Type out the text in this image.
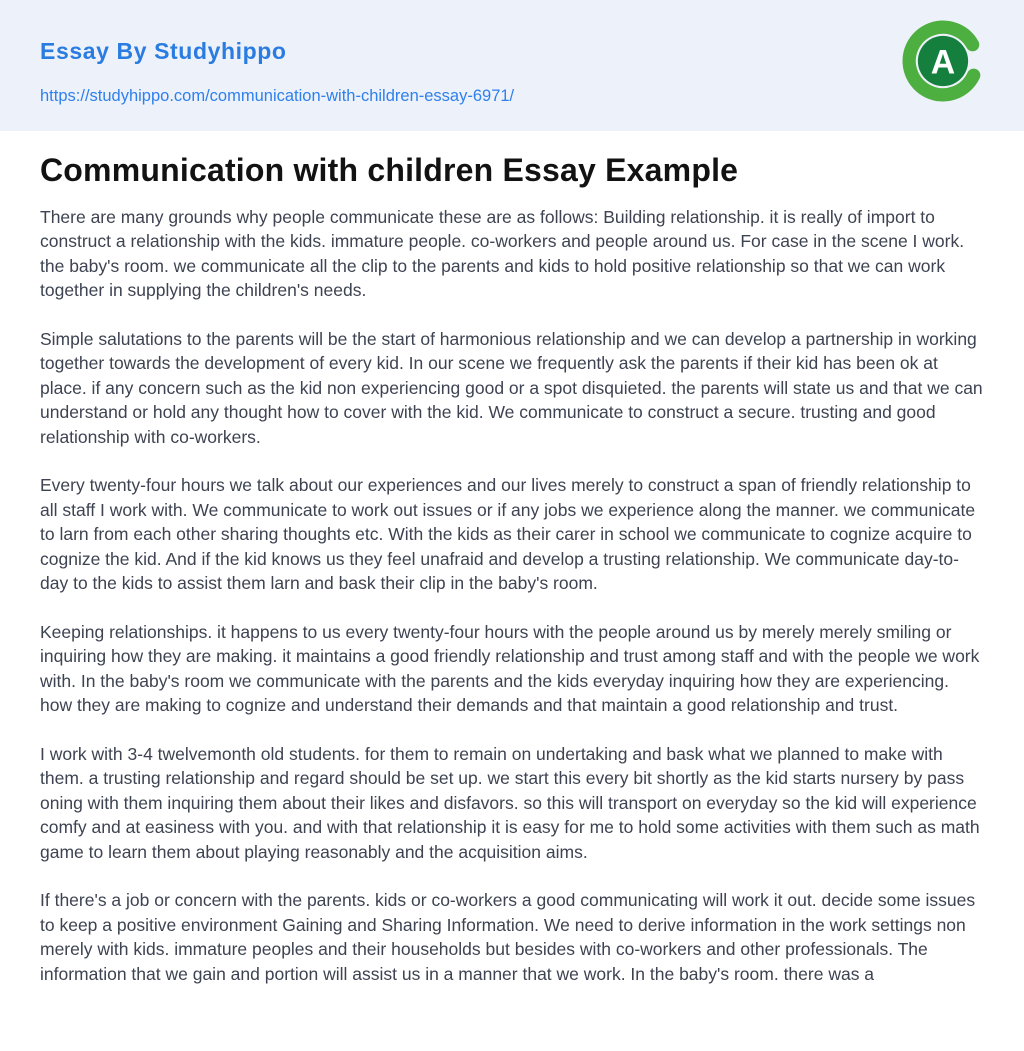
Essay By Studyhippo
https://studyhippo.com/communication-with-children-essay-6971/
A
Communication with children Essay Example

There are many grounds why people communicate these are as follows: Building relationship. it is really of import to construct a relationship with the kids. immature people. co-workers and people around us. For case in the scene I work. the baby's room. we communicate all the clip to the parents and kids to hold positive relationship so that we can work together in supplying the children's needs.

Simple salutations to the parents will be the start of harmonious relationship and we can develop a partnership in working together towards the development of every kid. In our scene we frequently ask the parents if their kid has been ok at place. if any concern such as the kid non experiencing good or a spot disquieted. the parents will state us and that we can understand or hold any thought how to cover with the kid. We communicate to construct a secure. trusting and good relationship with co-workers.

Every twenty-four hours we talk about our experiences and our lives merely to construct a span of friendly relationship to all staff I work with. We communicate to work out issues or if any jobs we experience along the manner. we communicate to larn from each other sharing thoughts etc. With the kids as their carer in school we communicate to cognize acquire to cognize the kid. And if the kid knows us they feel unafraid and develop a trusting relationship. We communicate day-to-day to the kids to assist them larn and bask their clip in the baby's room.

Keeping relationships. it happens to us every twenty-four hours with the people around us by merely merely smiling or inquiring how they are making. it maintains a good friendly relationship and trust among staff and with the people we work with. In the baby's room we communicate with the parents and the kids everyday inquiring how they are experiencing. how they are making to cognize and understand their demands and that maintain a good relationship and trust.

I work with 3-4 twelvemonth old students. for them to remain on undertaking and bask what we planned to make with them. a trusting relationship and regard should be set up. we start this every bit shortly as the kid starts nursery by pass oning with them inquiring them about their likes and disfavors. so this will transport on everyday so the kid will experience comfy and at easiness with you. and with that relationship it is easy for me to hold some activities with them such as math game to learn them about playing reasonably and the acquisition aims.

If there's a job or concern with the parents. kids or co-workers a good communicating will work it out. decide some issues to keep a positive environment Gaining and Sharing Information. We need to derive information in the work settings non merely with kids. immature peoples and their households but besides with co-workers and other professionals. The information that we gain and portion will assist us in a manner that we work. In the baby's room. there was a
